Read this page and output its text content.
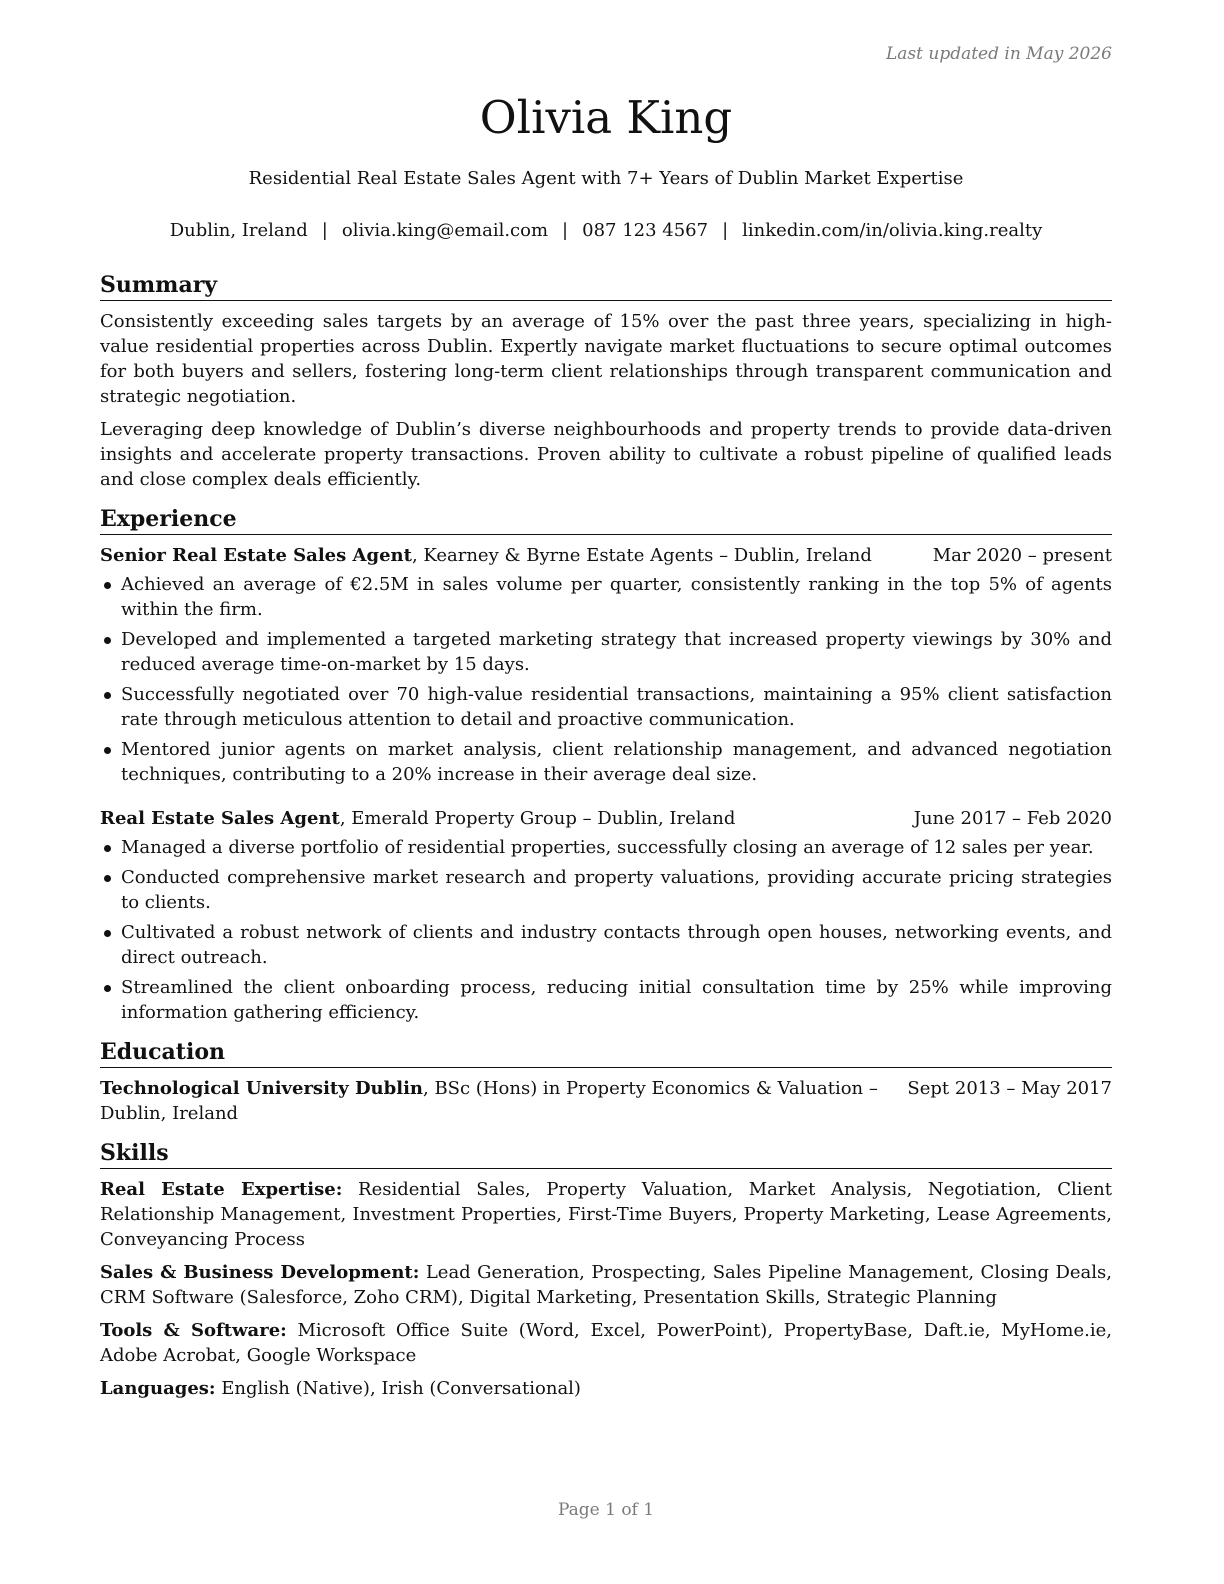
Last updated in May 2026
Olivia King
Residential Real Estate Sales Agent with 7+ Years of Dublin Market Expertise
Dublin, Ireland | olivia.king@email.com | 087 123 4567 | linkedin.com/in/olivia.king.realty
Summary

Consistently exceeding sales targets by an average of 15% over the past three years, specializing in high-value residential properties across Dublin. Expertly navigate market fluctuations to secure optimal outcomes for both buyers and sellers, fostering long-term client relationships through transparent communication and strategic negotiation.

Leveraging deep knowledge of Dublin’s diverse neighbourhoods and property trends to provide data-driven insights and accelerate property transactions. Proven ability to cultivate a robust pipeline of qualified leads and close complex deals efficiently.

Experience
Senior Real Estate Sales Agent, Kearney & Byrne Estate Agents – Dublin, Ireland	Mar 2020 – present
Achieved an average of €2.5M in sales volume per quarter, consistently ranking in the top 5% of agents within the firm.
Developed and implemented a targeted marketing strategy that increased property viewings by 30% and reduced average time-on-market by 15 days.
Successfully negotiated over 70 high-value residential transactions, maintaining a 95% client satisfaction rate through meticulous attention to detail and proactive communication.
Mentored junior agents on market analysis, client relationship management, and advanced negotiation techniques, contributing to a 20% increase in their average deal size.
Real Estate Sales Agent, Emerald Property Group – Dublin, Ireland	June 2017 – Feb 2020
Managed a diverse portfolio of residential properties, successfully closing an average of 12 sales per year.
Conducted comprehensive market research and property valuations, providing accurate pricing strategies to clients.
Cultivated a robust network of clients and industry contacts through open houses, networking events, and direct outreach.
Streamlined the client onboarding process, reducing initial consultation time by 25% while improving information gathering efficiency.
Education
Technological University Dublin, BSc (Hons) in Property Economics & Valuation – Dublin, Ireland
Sept 2013 – May 2017
Skills

Real Estate Expertise: Residential Sales, Property Valuation, Market Analysis, Negotiation, Client Relationship Management, Investment Properties, First-Time Buyers, Property Marketing, Lease Agreements, Conveyancing Process

Sales & Business Development: Lead Generation, Prospecting, Sales Pipeline Management, Closing Deals, CRM Software (Salesforce, Zoho CRM), Digital Marketing, Presentation Skills, Strategic Planning

Tools & Software: Microsoft Office Suite (Word, Excel, PowerPoint), PropertyBase, Daft.ie, MyHome.ie, Adobe Acrobat, Google Workspace

Languages: English (Native), Irish (Conversational)

Page 1 of 1
